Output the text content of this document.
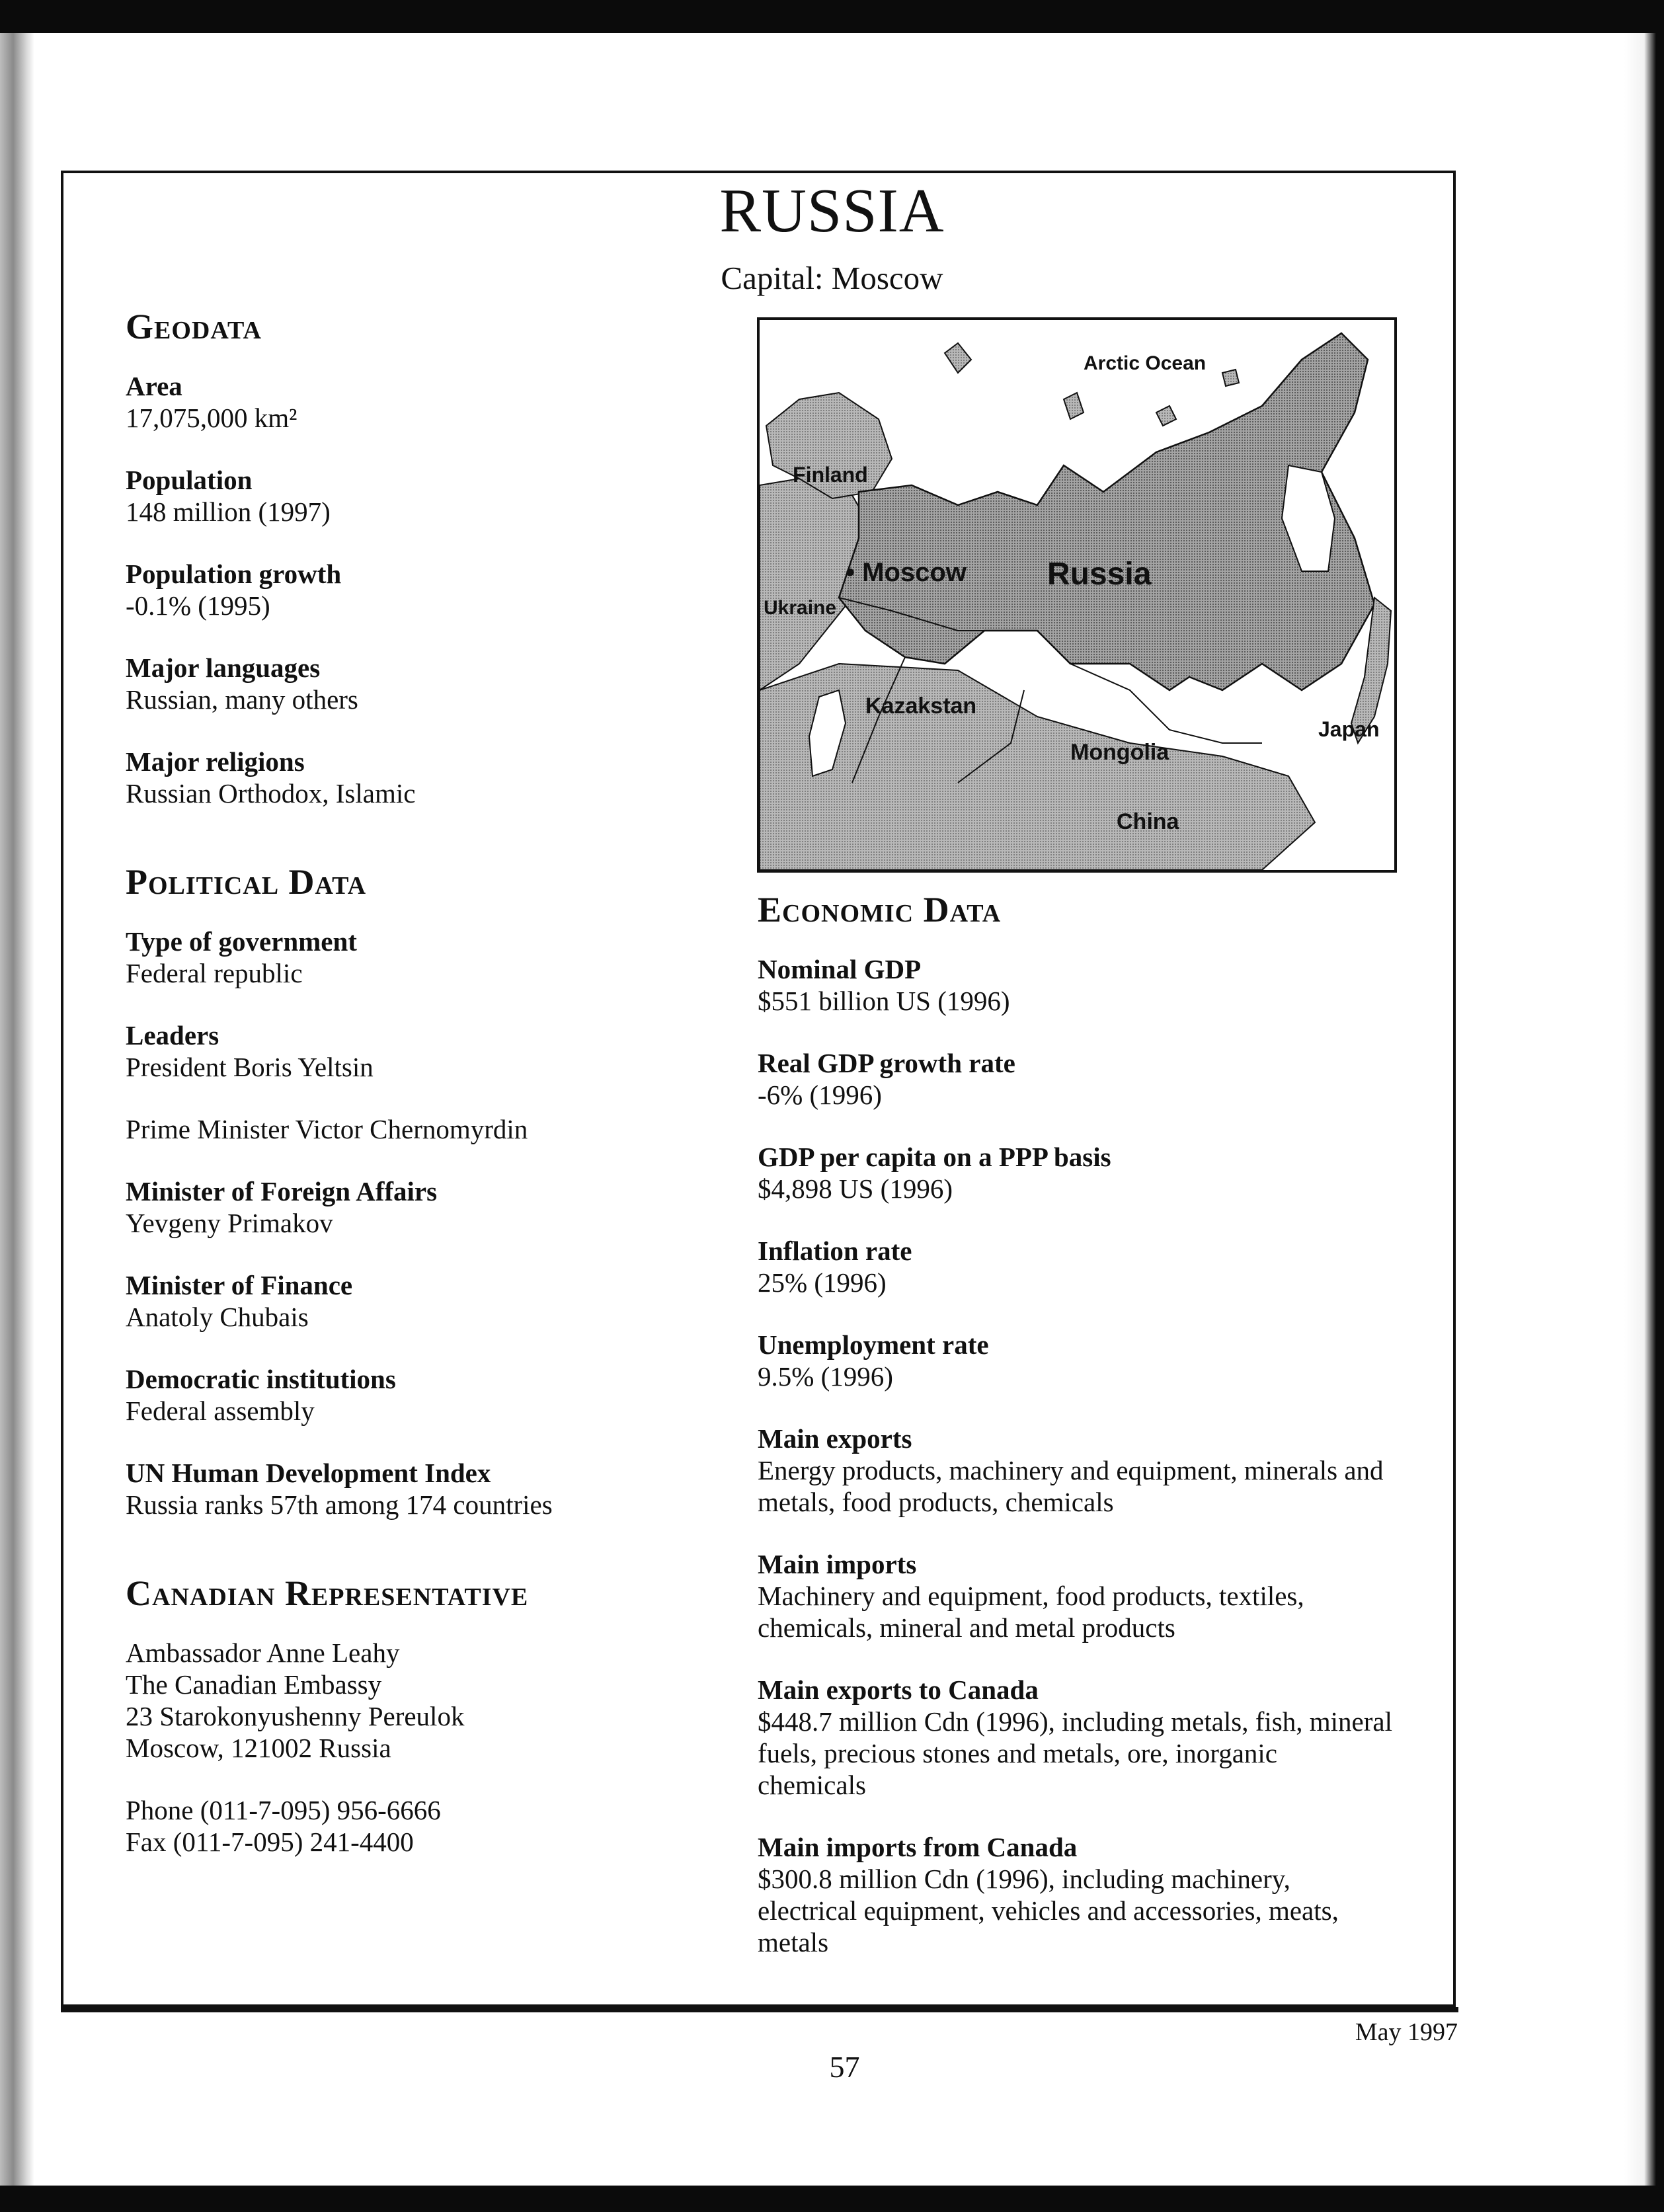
RUSSIA
Capital: Moscow
Geodata
Area
17,075,000 km²
Population
148 million (1997)
Population growth
-0.1% (1995)
Major languages
Russian, many others
Major religions
Russian Orthodox, Islamic
Political Data
Type of government
Federal republic
Leaders
President Boris Yeltsin
Prime Minister Victor Chernomyrdin
Minister of Foreign Affairs
Yevgeny Primakov
Minister of Finance
Anatoly Chubais
Democratic institutions
Federal assembly
UN Human Development Index
Russia ranks 57th among 174 countries
Canadian Representative
Ambassador Anne Leahy
The Canadian Embassy
23 Starokonyushenny Pereulok
Moscow, 121002 Russia
Phone (011-7-095) 956-6666
Fax (011-7-095) 241-4400
Arctic Ocean
Finland
• Moscow	Russia
Ukraine
Kazakstan
Mongolia
Japan
China
Economic Data
Nominal GDP
$551 billion US (1996)
Real GDP growth rate
-6% (1996)
GDP per capita on a PPP basis
$4,898 US (1996)
Inflation rate
25% (1996)
Unemployment rate
9.5% (1996)
Main exports
Energy products, machinery and equipment, minerals and metals, food products, chemicals
Main imports
Machinery and equipment, food products, textiles, chemicals, mineral and metal products
Main exports to Canada
$448.7 million Cdn (1996), including metals, fish, mineral fuels, precious stones and metals, ore, inorganic chemicals
Main imports from Canada
$300.8 million Cdn (1996), including machinery, electrical equipment, vehicles and accessories, meats, metals
May 1997
57
